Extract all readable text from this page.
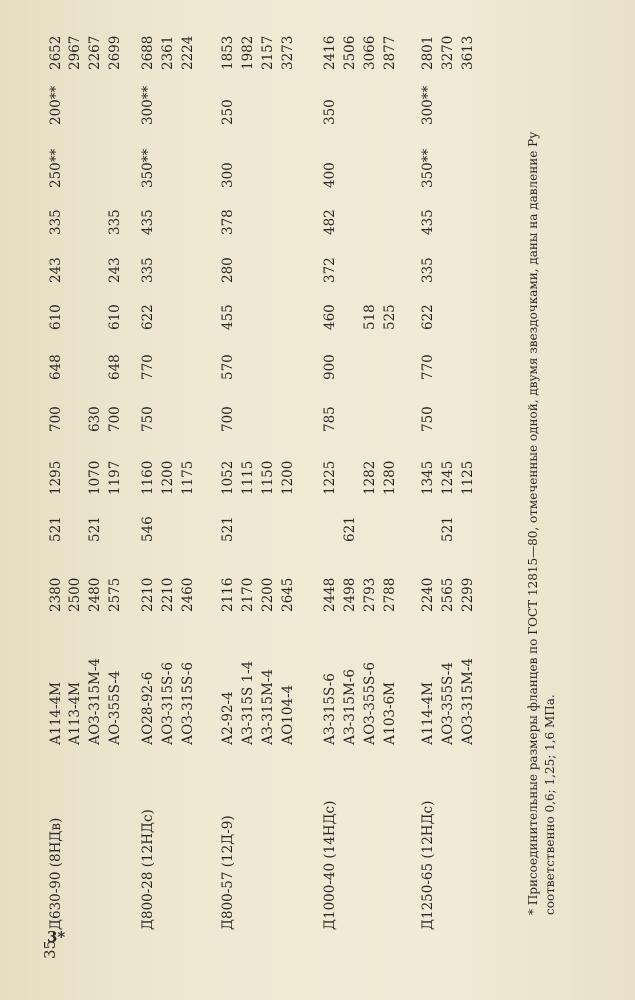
Д630-90 (8НДв)
А114-4М
2380
521
1295
700
648
610
243
335
250**
200**
2652
А113-4М
2500
2967
АОЗ-315М-4
2480
521
1070
630
2267
АО-355S-4
2575
1197
700
648
610
243
335
2699
Д800-28 (12НДс)
АО28-92-6
2210
546
1160
750
770
622
335
435
350**
300**
2688
АОЗ-315S-6
2210
1200
2361
АОЗ-315S-6
2460
1175
2224
Д800-57 (12Д-9)
А2-92-4
2116
521
1052
700
570
455
280
378
300
250
1853
АЗ-315S 1-4
2170
1115
1982
АЗ-315М-4
2200
1150
2157
АО104-4
2645
1200
3273
Д1000-40 (14НДс)
АЗ-315S-6
2448
1225
785
900
460
372
482
400
350
2416
АЗ-315М-6
2498
621
2506
АОЗ-355S-6
2793
1282
518
3066
А103-6М
2788
1280
525
2877
Д1250-65 (12НДс)
А114-4М
2240
1345
750
770
622
335
435
350**
300**
2801
АОЗ-355S-4
2565
521
1245
3270
АОЗ-315М-4
2299
1125
3613
* Присоединительные размеры фланцев по ГОСТ 12815—80, отмеченные одной, двумя звездочками, даны на давление Pу соответственно 0,6; 1,25; 1,6 МПа.
35
3*
